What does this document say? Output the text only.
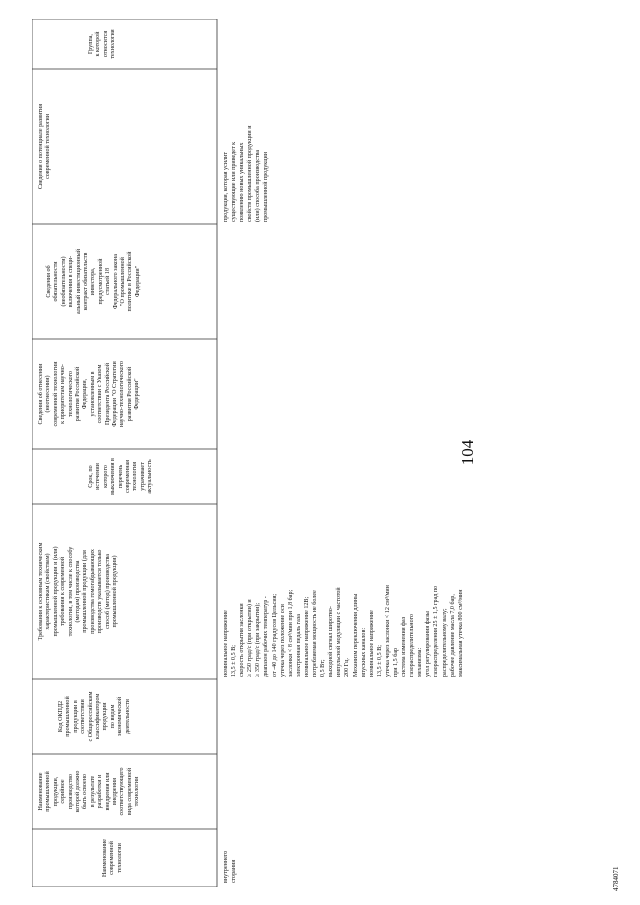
Наименование современной технологии
Наименование промышленной продукции, серийное производство которой должно быть освоено в результате разработки и внедрения или внедрения соответствующего вида современной технологии
Код ОКПД2 промышленной продукции в соответствии с Общероссийским классификатором продукции по видам экономической деятельности
Требования к основным техническим характеристикам (свойствам) промышленной продукции и (или) требования к современной технологии, в том числе к способу (методам) производства промышленной продукции (для производства гомогабдывающих производств указывается только способ (метод) производства промышленной продукции)
Срок, по истечении которого выключения в перечень современная технология утрачивает актуальность
Сведения об отнесении (неотнесении) современной технологии к приоритетам научно- технологического развития Российской Федерации, установленным в соответствии с Указом Президента Российской Федерации "О Стратегии научно-технологического развития Российской Федерации"
Сведения об обязательности (необязательности) включения в специ- альный инвестиционный контракт обязательств инвестора, предусмотренной статьей 18 Федерального закона "О промышленной политике в Российской Федерации"
Сведения о потенциале развития современной технологии
Группа, к которой относится технология
внутреннего сгорания
номинальное напряжение 13,5 ± 0,5 В; скорость открытия заслонки ≥ 250 град/с (при открытии) и ≥ 350 град/с (при закрытии); диапазон рабочих температур - от -40 до 140 градусов Цельсия; утечка через положение оси заслонки < 8 см³/мин при 1,8 бар; электронная педаль газа номинальное напряжение 12В; потребляемая мощность не более 0,5 Вт; выходной сигнал широтно- импульсной модуляции с частотой 200 Гц. Механизм переключения длины впускных каналов: номинальное напряжение 13,5 ± 0,5 В; утечка через заслонки < 12 см³/мин при 1,5 бар система изменения фаз газораспределительного механизма: угол регулирования фазы газораспределения 25 ± 1,5 град по распределительному валу; рабочее давление масла 7,0 бар, максимальная утечка 800 см³/мин
продукция, которая усилит существующие или приведет к появлению новых уникальных свойств промышленной продукции и (или) способа производства промышленной продукции
104
4784071
